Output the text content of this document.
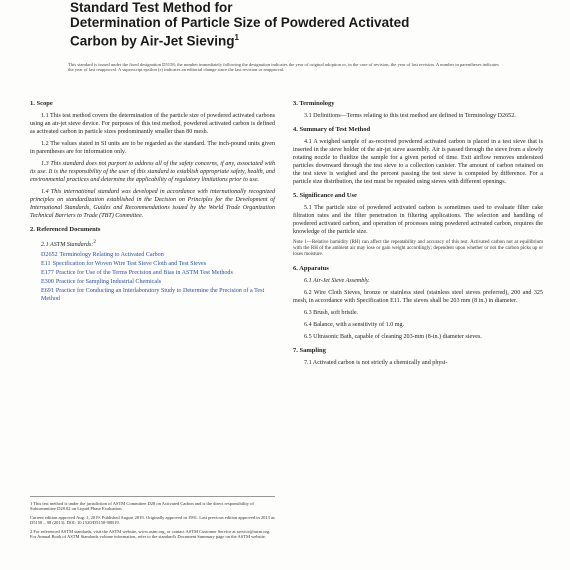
Standard Test Method for
Determination of Particle Size of Powdered Activated
Carbon by Air-Jet Sieving$^1$
This standard is issued under the fixed designation D5158; the number immediately following the designation indicates the year of original adoption or, in the case of revision, the year of last revision. A number in parentheses indicates the year of last reapproval. A superscript epsilon (ε) indicates an editorial change since the last revision or reapproval.
1. Scope

1.1 This test method covers the determination of the particle size of powdered activated carbons using an air-jet sieve device. For purposes of this test method, powdered activated carbon is defined as activated carbon in particle sizes predominantly smaller than 80 mesh.

1.2 The values stated in SI units are to be regarded as the standard. The inch-pound units given in parentheses are for information only.

1.3 This standard does not purport to address all of the safety concerns, if any, associated with its use. It is the responsibility of the user of this standard to establish appropriate safety, health, and environmental practices and determine the applicability of regulatory limitations prior to use.

1.4 This international standard was developed in accordance with internationally recognized principles on standardization established in the Decision on Principles for the Development of International Standards, Guides and Recommendations issued by the World Trade Organization Technical Barriers to Trade (TBT) Committee.

2. Referenced Documents
2.1 ASTM Standards:$^2$
D2652 Terminology Relating to Activated Carbon
E11 Specification for Woven Wire Test Sieve Cloth and Test Sieves
E177 Practice for Use of the Terms Precision and Bias in ASTM Test Methods
E300 Practice for Sampling Industrial Chemicals
E691 Practice for Conducting an Interlaboratory Study to Determine the Precision of a Test Method
3. Terminology

3.1 Definitions—Terms relating to this test method are defined in Terminology D2652.

4. Summary of Test Method

4.1 A weighed sample of as-received powdered activated carbon is placed in a test sieve that is inserted in the sieve holder of the air-jet sieve assembly. Air is passed through the sieve from a slowly rotating nozzle to fluidize the sample for a given period of time. Exit airflow removes undersized particles downward through the test sieve to a collection canister. The amount of carbon retained on the test sieve is weighed and the percent passing the test sieve is computed by difference. For a particle size distribution, the test must be repeated using sieves with different openings.

5. Significance and Use

5.1 The particle size of powdered activated carbon is sometimes used to evaluate filter cake filtration rates and the filter penetration in filtering applications. The selection and handling of powdered activated carbon, and operation of processes using powdered activated carbon, requires the knowledge of the particle size.

Note 1—Relative humidity (RH) can affect the repeatability and accuracy of this test. Activated carbon not at equilibrium with the RH of the ambient air may lose or gain weight accordingly; dependent upon whether or not the carbon picks up or loses moisture.

6. Apparatus

6.1 Air-Jet Sieve Assembly.

6.2 Wire Cloth Sieves, bronze or stainless steel (stainless steel sieves preferred), 200 and 325 mesh, in accordance with Specification E11. The sieves shall be 203 mm (8 in.) in diameter.

6.3 Brush, soft bristle.

6.4 Balance, with a sensitivity of 1.0 mg.

6.5 Ultrasonic Bath, capable of cleaning 203-mm (8-in.) diameter sieves.

7. Sampling

7.1 Activated carbon is not strictly a chemically and physi-

1 This test method is under the jurisdiction of ASTM Committee D28 on Activated Carbon and is the direct responsibility of Subcommittee D28.02 on Liquid Phase Evaluation.

Current edition approved Aug. 1, 2019. Published August 2019. Originally approved in 1991. Last previous edition approved in 2013 as D5158 – 98 (2013). DOI: 10.1520/D5158-98R19.

2 For referenced ASTM standards, visit the ASTM website, www.astm.org, or contact ASTM Customer Service at service@astm.org. For Annual Book of ASTM Standards volume information, refer to the standard's Document Summary page on the ASTM website.
